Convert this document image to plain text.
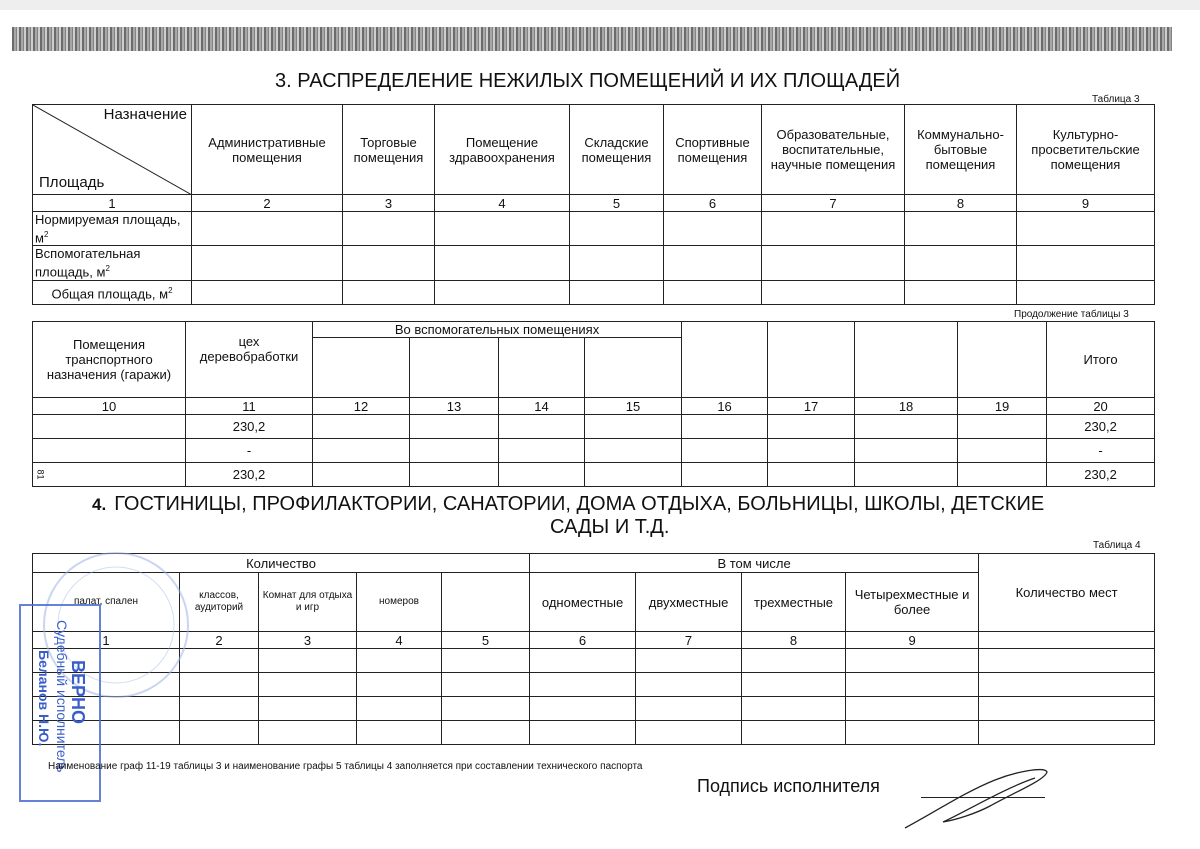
3. РАСПРЕДЕЛЕНИЕ НЕЖИЛЫХ ПОМЕЩЕНИЙ И ИХ ПЛОЩАДЕЙ
Таблица 3
Назначение
Площадь	Административные помещения	Торговые помещения	Помещение здравоохранения	Складские помещения	Спортивные помещения	Образовательные, воспитательные, научные помещения	Коммунально-бытовые помещения	Культурно-просветительские помещения
1	2	3	4	5	6	7	8	9
Нормируемая площадь, $м^2$								
Вспомогательная площадь, $м^2$								
Общая площадь, $м^2$								
Продолжение таблицы 3
Помещения транспортного назначения (гаражи)	цех деревобработки	Во вспомогательных помещениях								Итого

10	11	12	13	14	15	16	17	18	19	20
	230,2									230,2
	-									-
81	230,2									230,2
4. ГОСТИНИЦЫ, ПРОФИЛАКТОРИИ, САНАТОРИИ, ДОМА ОТДЫХА, БОЛЬНИЦЫ, ШКОЛЫ, ДЕТСКИЕ
САДЫ И Т.Д.
Таблица 4
Количество					В том числе				Количество мест
палат, спален	классов, аудиторий	Комнат для отдыха и игр	номеров		одноместные	двухместные	трехместные	Четырехместные и более	
1	2	3	4	5	6	7	8	9	

ВЕРНО
Судебный исполнитель
Беланов Н.Ю.
Наименование граф 11-19 таблицы 3 и наименование графы 5 таблицы 4 заполняется при составлении технического паспорта
Подпись исполнителя
